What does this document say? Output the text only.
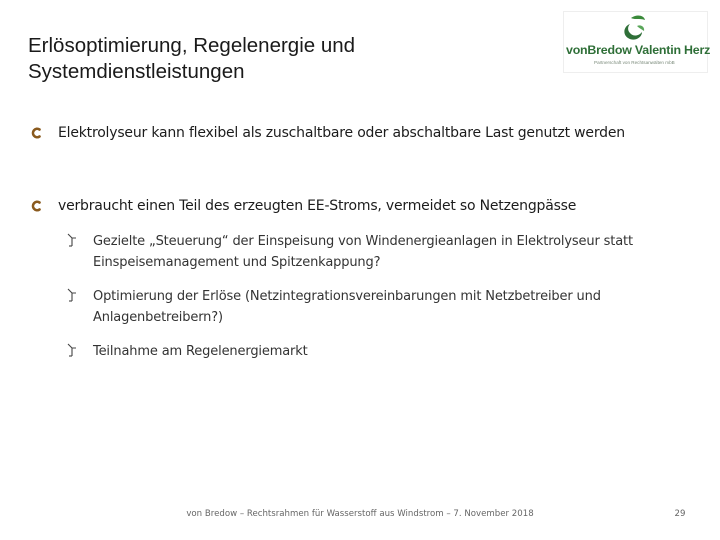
Erlösoptimierung, Regelenergie und
Systemdienstleistungen
vonBredow Valentin Herz
Partnerschaft von Rechtsanwälten mbB
Elektrolyseur kann flexibel als zuschaltbare oder abschaltbare Last genutzt werden
verbraucht einen Teil des erzeugten EE-Stroms, vermeidet so Netzengpässe
Gezielte „Steuerung“ der Einspeisung von Windenergieanlagen in Elektrolyseur statt
Einspeisemanagement und Spitzenkappung?
Optimierung der Erlöse (Netzintegrationsvereinbarungen mit Netzbetreiber und
Anlagenbetreibern?)
Teilnahme am Regelenergiemarkt
von Bredow – Rechtsrahmen für Wasserstoff aus Windstrom – 7. November 2018	29
